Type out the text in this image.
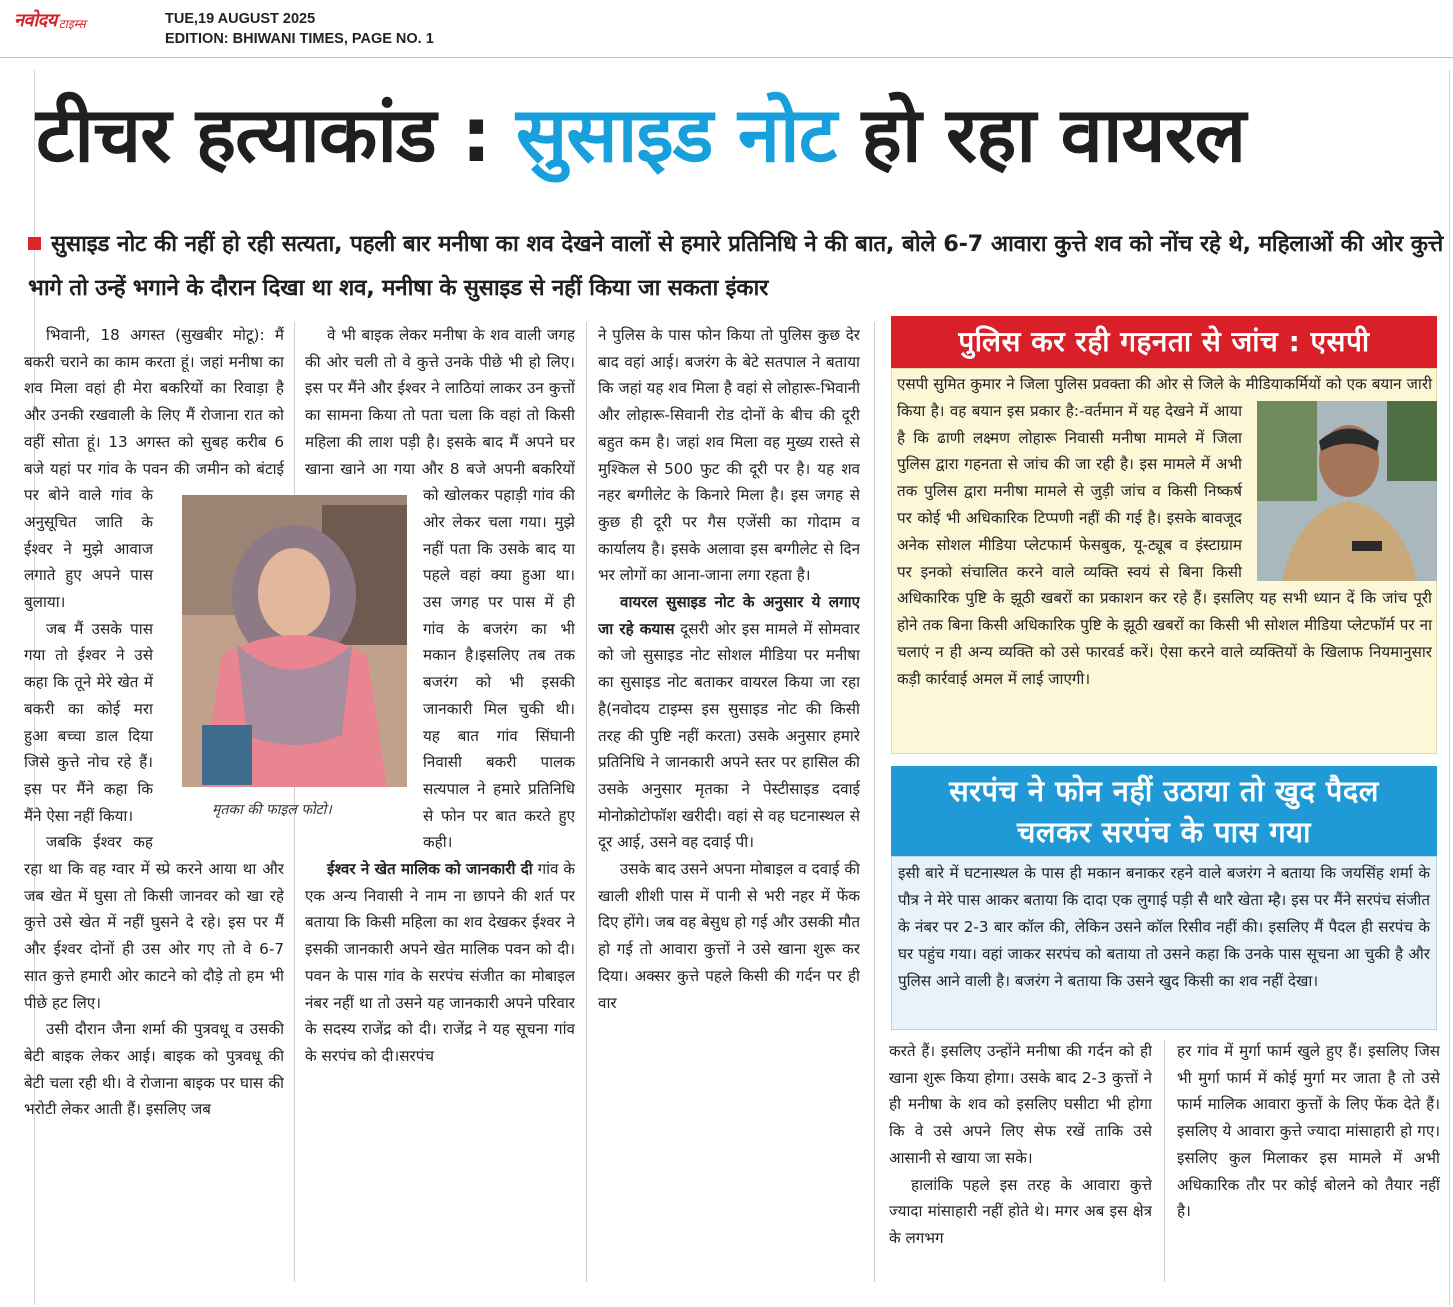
नवोदय टाइम्स	TUE,19 AUGUST 2025
EDITION: BHIWANI TIMES, PAGE NO. 1
टीचर हत्याकांड : सुसाइड नोट हो रहा वायरल
सुसाइड नोट की नहीं हो रही सत्यता, पहली बार मनीषा का शव देखने वालों से हमारे प्रतिनिधि ने की बात, बोले 6-7 आवारा कुत्ते शव को नोंच रहे थे, महिलाओं की ओर कुत्ते भागे तो उन्हें भगाने के दौरान दिखा था शव, मनीषा के सुसाइड से नहीं किया जा सकता इंकार

भिवानी, 18 अगस्त (सुखबीर मोटू): मैं बकरी चराने का काम करता हूं। जहां मनीषा का शव मिला वहां ही मेरा बकरियों का रिवाड़ा है और उनकी रखवाली के लिए मैं रोजाना रात को वहीं सोता हूं। 13 अगस्त को सुबह करीब 6 बजे यहां पर गांव के पवन की जमीन को बंटाई पर बोने वाले गांव के अनुसूचित जाति के ईश्वर ने मुझे आवाज लगाते हुए अपने पास बुलाया।

जब मैं उसके पास गया तो ईश्वर ने उसे कहा कि तूने मेरे खेत में बकरी का कोई मरा हुआ बच्चा डाल दिया जिसे कुत्ते नोच रहे हैं। इस पर मैंने कहा कि मैंने ऐसा नहीं किया।

जबकि ईश्वर कह रहा था कि वह ग्वार में स्प्रे करने आया था और जब खेत में घुसा तो किसी जानवर को खा रहे कुत्ते उसे खेत में नहीं घुसने दे रहे। इस पर मैं और ईश्वर दोनों ही उस ओर गए तो वे 6-7 सात कुत्ते हमारी ओर काटने को दौड़े तो हम भी पीछे हट लिए।

उसी दौरान जैना शर्मा की पुत्रवधू व उसकी बेटी बाइक लेकर आई। बाइक को पुत्रवधू की बेटी चला रही थी। वे रोजाना बाइक पर घास की भरोटी लेकर आती हैं। इसलिए जब

वे भी बाइक लेकर मनीषा के शव वाली जगह की ओर चली तो वे कुत्ते उनके पीछे भी हो लिए। इस पर मैंने और ईश्वर ने लाठियां लाकर उन कुत्तों का सामना किया तो पता चला कि वहां तो किसी महिला की लाश पड़ी है। इसके बाद मैं अपने घर खाना खाने आ गया और 8 बजे अपनी बकरियों को खोलकर पहाड़ी गांव की ओर लेकर चला गया। मुझे नहीं पता कि उसके बाद या पहले वहां क्या हुआ था। उस जगह पर पास में ही गांव के बजरंग का भी मकान है।इसलिए तब तक बजरंग को भी इसकी जानकारी मिल चुकी थी। यह बात गांव सिंघानी निवासी बकरी पालक सत्यपाल ने हमारे प्रतिनिधि से फोन पर बात करते हुए कही।

ईश्वर ने खेत मालिक को जानकारी दी गांव के एक अन्य निवासी ने नाम ना छापने की शर्त पर बताया कि किसी महिला का शव देखकर ईश्वर ने इसकी जानकारी अपने खेत मालिक पवन को दी। पवन के पास गांव के सरपंच संजीत का मोबाइल नंबर नहीं था तो उसने यह जानकारी अपने परिवार के सदस्य राजेंद्र को दी। राजेंद्र ने यह सूचना गांव के सरपंच को दी।सरपंच

मृतका की फाइल फोटो।

ने पुलिस के पास फोन किया तो पुलिस कुछ देर बाद वहां आई। बजरंग के बेटे सतपाल ने बताया कि जहां यह शव मिला है वहां से लोहारू-भिवानी और लोहारू-सिवानी रोड दोनों के बीच की दूरी बहुत कम है। जहां शव मिला वह मुख्य रास्ते से मुश्किल से 500 फुट की दूरी पर है। यह शव नहर बग्गीलेट के किनारे मिला है। इस जगह से कुछ ही दूरी पर गैस एजेंसी का गोदाम व कार्यालय है। इसके अलावा इस बग्गीलेट से दिन भर लोगों का आना-जाना लगा रहता है।

वायरल सुसाइड नोट के अनुसार ये लगाए जा रहे कयास दूसरी ओर इस मामले में सोमवार को जो सुसाइड नोट सोशल मीडिया पर मनीषा का सुसाइड नोट बताकर वायरल किया जा रहा है(नवोदय टाइम्स इस सुसाइड नोट की किसी तरह की पुष्टि नहीं करता) उसके अनुसार हमारे प्रतिनिधि ने जानकारी अपने स्तर पर हासिल की उसके अनुसार मृतका ने पेस्टीसाइड दवाई मोनोक्रोटोफॉश खरीदी। वहां से वह घटनास्थल से दूर आई, उसने वह दवाई पी।

उसके बाद उसने अपना मोबाइल व दवाई की खाली शीशी पास में पानी से भरी नहर में फेंक दिए होंगे। जब वह बेसुध हो गई और उसकी मौत हो गई तो आवारा कुत्तों ने उसे खाना शुरू कर दिया। अक्सर कुत्ते पहले किसी की गर्दन पर ही वार

पुलिस कर रही गहनता से जांच : एसपी
एसपी सुमित कुमार ने जिला पुलिस प्रवक्ता की ओर से जिले के मीडियाकर्मियों को एक बयान जारी किया है। वह बयान इस प्रकार है:-वर्तमान में यह देखने में आया है कि ढाणी लक्ष्मण लोहारू निवासी मनीषा मामले में जिला पुलिस द्वारा गहनता से जांच की जा रही है। इस मामले में अभी तक पुलिस द्वारा मनीषा मामले से जुड़ी जांच व किसी निष्कर्ष पर कोई भी अधिकारिक टिप्पणी नहीं की गई है। इसके बावजूद अनेक सोशल मीडिया प्लेटफार्म फेसबुक, यू-ट्यूब व इंस्टाग्राम पर इनको संचालित करने वाले व्यक्ति स्वयं से बिना किसी अधिकारिक पुष्टि के झूठी खबरों का प्रकाशन कर रहे हैं। इसलिए यह सभी ध्यान दें कि जांच पूरी होने तक बिना किसी अधिकारिक पुष्टि के झूठी खबरों का किसी भी सोशल मीडिया प्लेटफॉर्म पर ना चलाएं न ही अन्य व्यक्ति को उसे फारवर्ड करें। ऐसा करने वाले व्यक्तियों के खिलाफ नियमानुसार कड़ी कार्रवाई अमल में लाई जाएगी।
सरपंच ने फोन नहीं उठाया तो खुद पैदल
चलकर सरपंच के पास गया
इसी बारे में घटनास्थल के पास ही मकान बनाकर रहने वाले बजरंग ने बताया कि जयसिंह शर्मा के पौत्र ने मेरे पास आकर बताया कि दादा एक लुगाई पड़ी सै थारै खेता म्है। इस पर मैंने सरपंच संजीत के नंबर पर 2-3 बार कॉल की, लेकिन उसने कॉल रिसीव नहीं की। इसलिए मैं पैदल ही सरपंच के घर पहुंच गया। वहां जाकर सरपंच को बताया तो उसने कहा कि उनके पास सूचना आ चुकी है और पुलिस आने वाली है। बजरंग ने बताया कि उसने खुद किसी का शव नहीं देखा।

करते हैं। इसलिए उन्होंने मनीषा की गर्दन को ही खाना शुरू किया होगा। उसके बाद 2-3 कुत्तों ने ही मनीषा के शव को इसलिए घसीटा भी होगा कि वे उसे अपने लिए सेफ रखें ताकि उसे आसानी से खाया जा सके।

हालांकि पहले इस तरह के आवारा कुत्ते ज्यादा मांसाहारी नहीं होते थे। मगर अब इस क्षेत्र के लगभग

हर गांव में मुर्गा फार्म खुले हुए हैं। इसलिए जिस भी मुर्गा फार्म में कोई मुर्गा मर जाता है तो उसे फार्म मालिक आवारा कुत्तों के लिए फेंक देते हैं। इसलिए ये आवारा कुत्ते ज्यादा मांसाहारी हो गए। इसलिए कुल मिलाकर इस मामले में अभी अधिकारिक तौर पर कोई बोलने को तैयार नहीं है।
